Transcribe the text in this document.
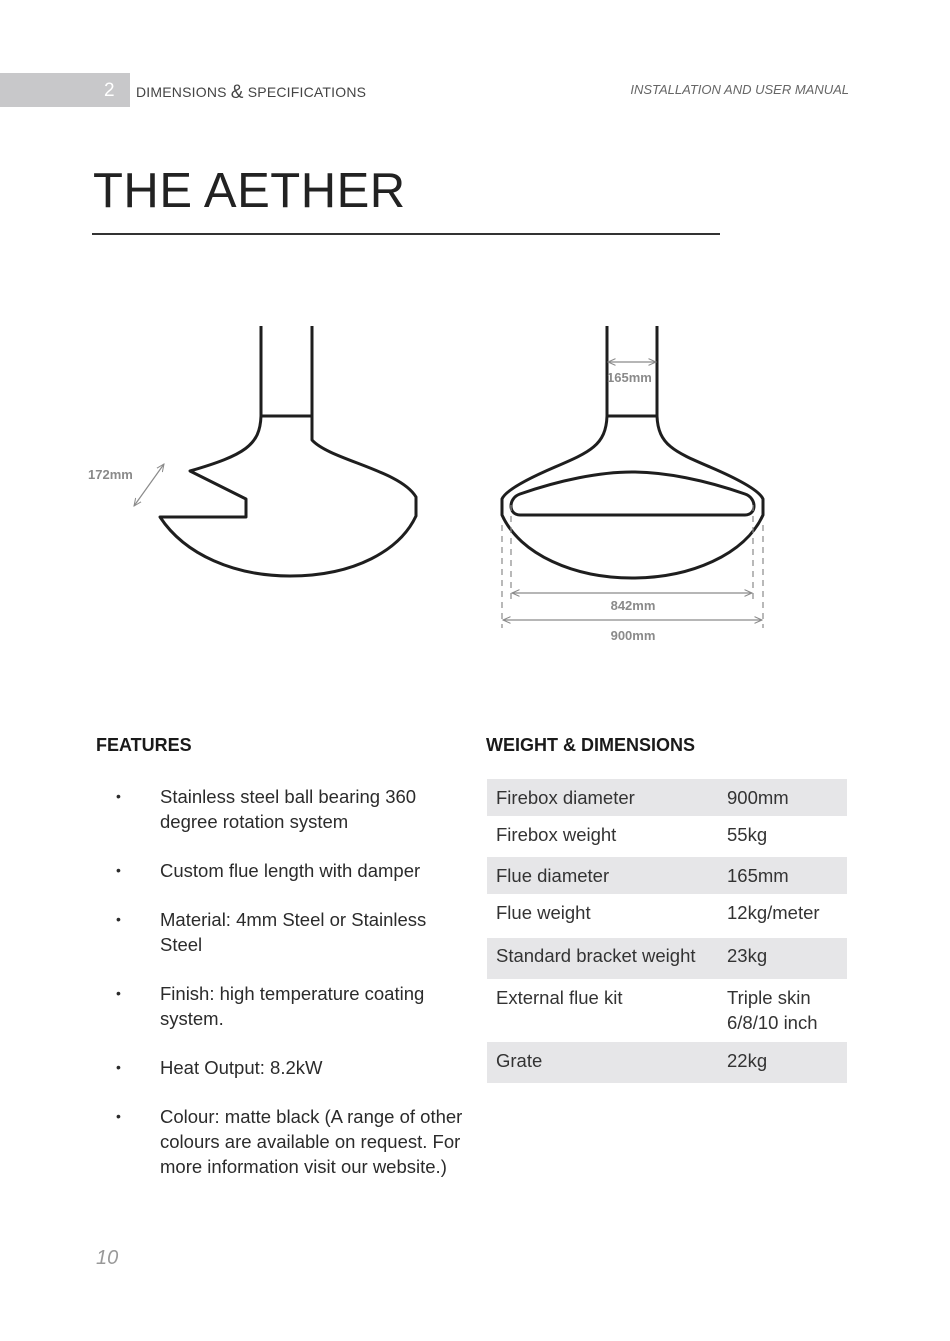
2 DIMENSIONS & SPECIFICATIONS	INSTALLATION AND USER MANUAL
THE AETHER
172mm
165mm
842mm
900mm
FEATURES
• Stainless steel ball bearing 360 degree rotation system
• Custom flue length with damper
• Material: 4mm Steel or Stainless Steel
• Finish: high temperature coating system.
• Heat Output: 8.2kW
• Colour: matte black (A range of other colours are available on request. For more information visit our website.)
WEIGHT & DIMENSIONS
Firebox diameter	900mm
Firebox weight	55kg
Flue diameter	165mm
Flue weight	12kg/meter
Standard bracket weight	23kg
External flue kit	Triple skin
6/8/10 inch
Grate	22kg
10
